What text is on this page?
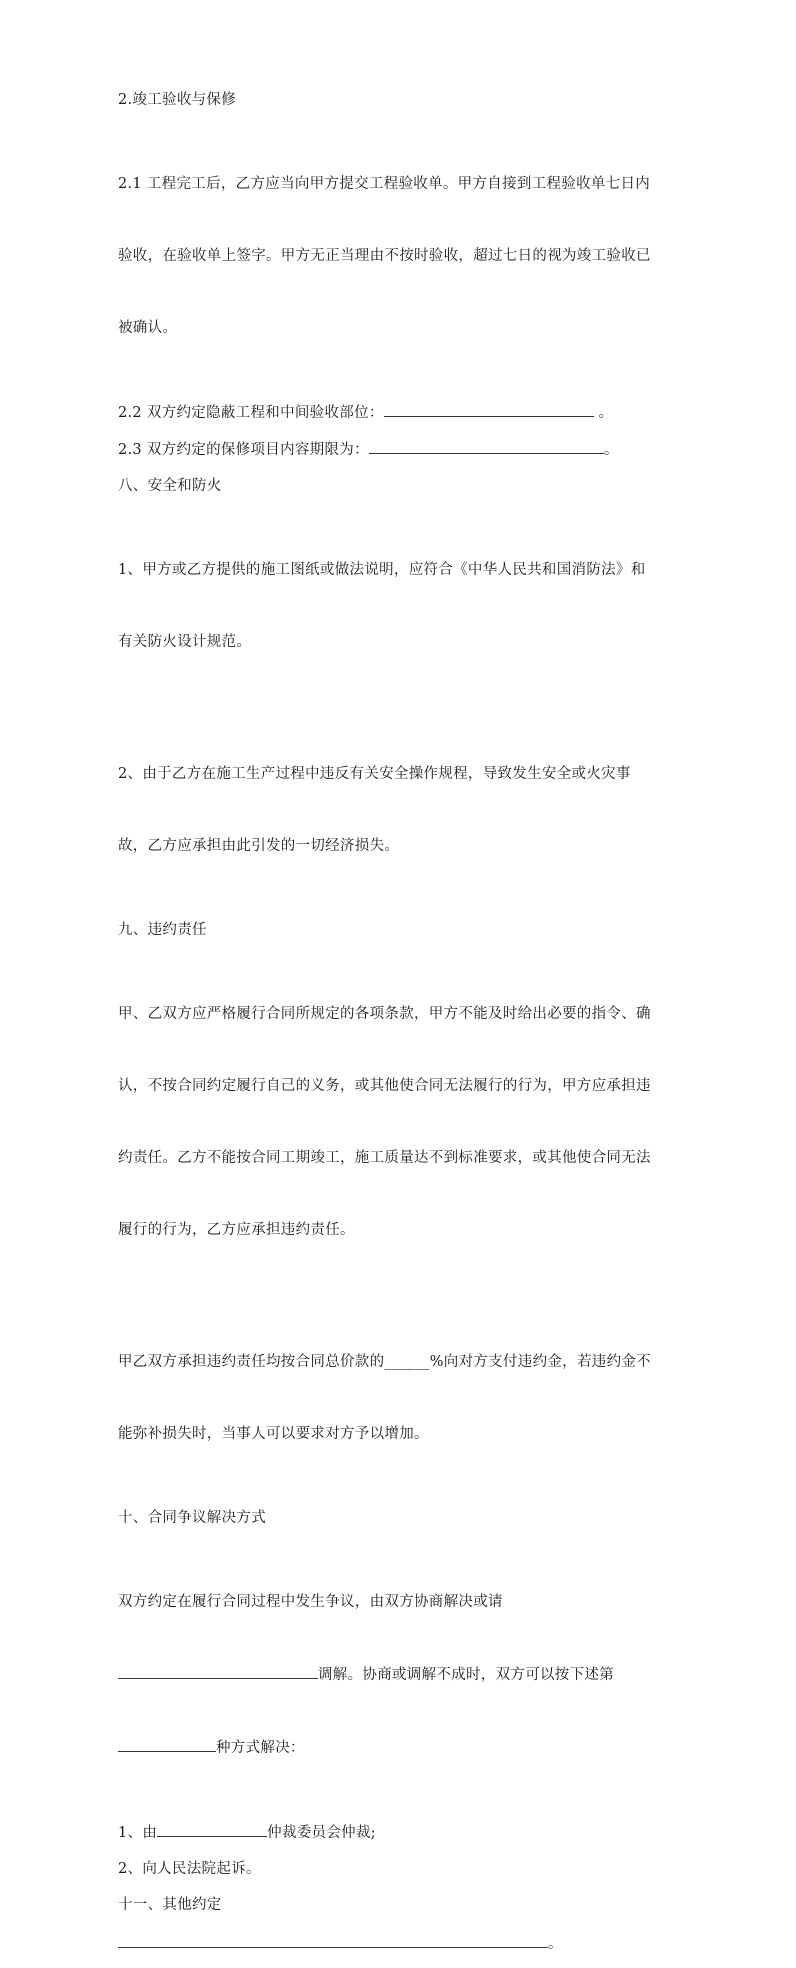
2.竣工验收与保修

2.1 工程完工后，乙方应当向甲方提交工程验收单。甲方自接到工程验收单七日内

验收，在验收单上签字。甲方无正当理由不按时验收，超过七日的视为竣工验收已

被确认。

2.2 双方约定隐蔽工程和中间验收部位：	。

2.3 双方约定的保修项目内容期限为：	。

八、安全和防火

1、甲方或乙方提供的施工图纸或做法说明，应符合《中华人民共和国消防法》和

有关防火设计规范。

2、由于乙方在施工生产过程中违反有关安全操作规程，导致发生安全或火灾事

故，乙方应承担由此引发的一切经济损失。

九、违约责任

甲、乙双方应严格履行合同所规定的各项条款，甲方不能及时给出必要的指令、确

认，不按合同约定履行自己的义务，或其他使合同无法履行的行为，甲方应承担违

约责任。乙方不能按合同工期竣工，施工质量达不到标准要求，或其他使合同无法

履行的行为，乙方应承担违约责任。

甲乙双方承担违约责任均按合同总价款的______%向对方支付违约金，若违约金不

能弥补损失时，当事人可以要求对方予以增加。

十、合同争议解决方式

双方约定在履行合同过程中发生争议，由双方协商解决或请

调解。协商或调解不成时，双方可以按下述第

种方式解决：

1、由	仲裁委员会仲裁;

2、向人民法院起诉。

十一、其他约定

。
